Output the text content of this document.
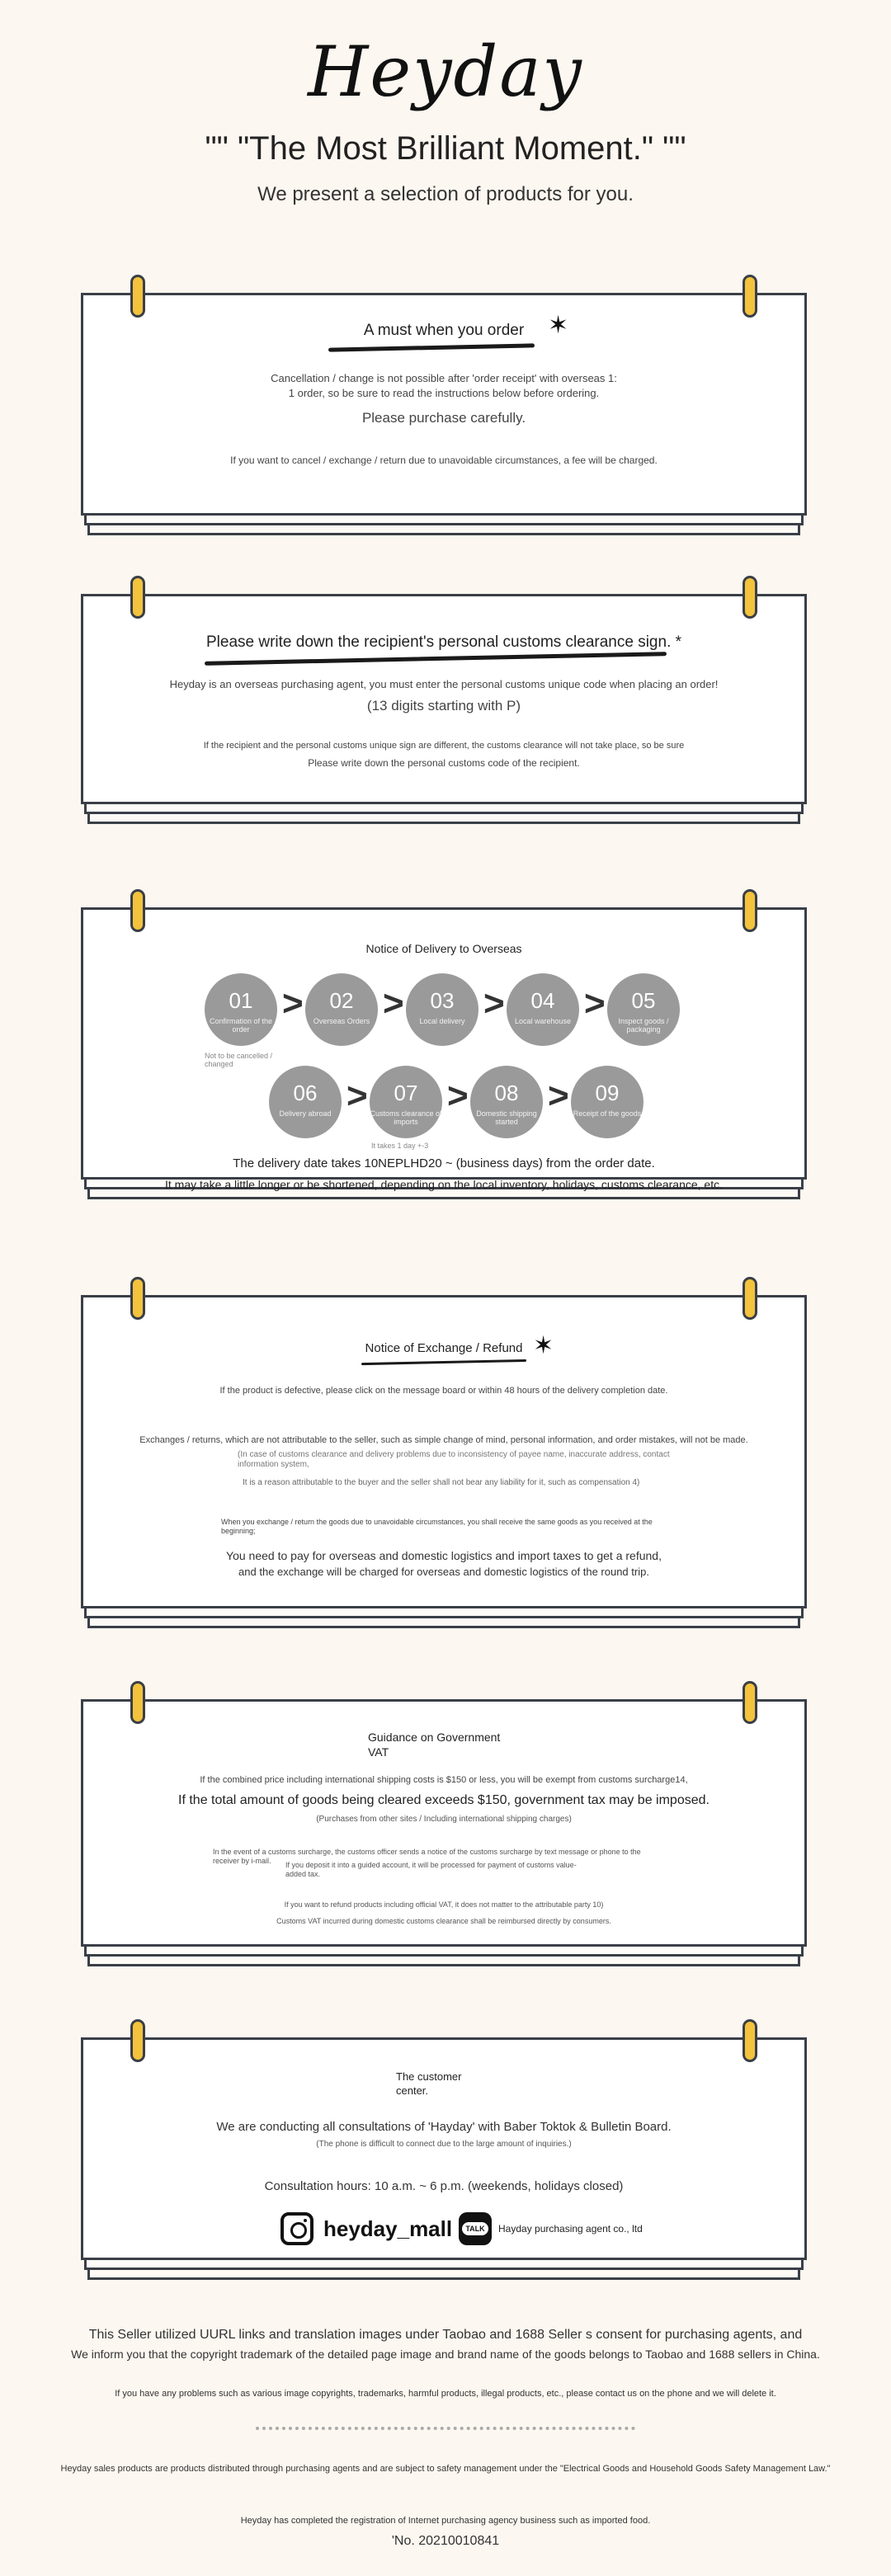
Heyday
"" "The Most Brilliant Moment." ""
We present a selection of products for you.
A must when you order ✶
Cancellation / change is not possible after 'order receipt' with overseas 1:
1 order, so be sure to read the instructions below before ordering.
Please purchase carefully.
If you want to cancel / exchange / return due to unavoidable circumstances, a fee will be charged.
Please write down the recipient's personal customs clearance sign. *
Heyday is an overseas purchasing agent, you must enter the personal customs unique code when placing an order!
(13 digits starting with P)
If the recipient and the personal customs unique sign are different, the customs clearance will not take place, so be sure
Please write down the personal customs code of the recipient.
Notice of Delivery to Overseas
01
Confirmation of the order
>	02
Overseas Orders >	03
Local delivery >	04
Local warehouse >	05
Inspect goods / packaging
Not to be cancelled / changed
06
Delivery abroad >	07
Customs clearance of imports
>	08
Domestic shipping started
>	09
Receipt of the goods
It takes 1 day +-3
The delivery date takes 10NEPLHD20 ~ (business days) from the order date.
It may take a little longer or be shortened, depending on the local inventory, holidays, customs clearance, etc.
Notice of Exchange / Refund ✶
If the product is defective, please click on the message board or within 48 hours of the delivery completion date.
Exchanges / returns, which are not attributable to the seller, such as simple change of mind, personal information, and order mistakes, will not be made.
(In case of customs clearance and delivery problems due to inconsistency of payee name, inaccurate address, contact
information system,
It is a reason attributable to the buyer and the seller shall not bear any liability for it, such as compensation 4)
When you exchange / return the goods due to unavoidable circumstances, you shall receive the same goods as you received at the
beginning;
You need to pay for overseas and domestic logistics and import taxes to get a refund,
and the exchange will be charged for overseas and domestic logistics of the round trip.
Guidance on Government
VAT
If the combined price including international shipping costs is $150 or less, you will be exempt from customs surcharge14,
If the total amount of goods being cleared exceeds $150, government tax may be imposed.
(Purchases from other sites / Including international shipping charges)
In the event of a customs surcharge, the customs officer sends a notice of the customs surcharge by text message or phone to the
receiver by i-mail. If you deposit it into a guided account, it will be processed for payment of customs value-
added tax.
If you want to refund products including official VAT, it does not matter to the attributable party 10)
Customs VAT incurred during domestic customs clearance shall be reimbursed directly by consumers.
The customer
center.
We are conducting all consultations of 'Hayday' with Baber Toktok & Bulletin Board.
(The phone is difficult to connect due to the large amount of inquiries.)
Consultation hours: 10 a.m. ~ 6 p.m. (weekends, holidays closed)
heyday_mall	TALK	Hayday purchasing agent co., ltd
This Seller utilized UURL links and translation images under Taobao and 1688 Seller s consent for purchasing agents, and
We inform you that the copyright trademark of the detailed page image and brand name of the goods belongs to Taobao and 1688 sellers in China.
If you have any problems such as various image copyrights, trademarks, harmful products, illegal products, etc., please contact us on the phone and we will delete it.
Heyday sales products are products distributed through purchasing agents and are subject to safety management under the "Electrical Goods and Household Goods Safety Management Law."
Heyday has completed the registration of Internet purchasing agency business such as imported food.
'No. 20210010841
